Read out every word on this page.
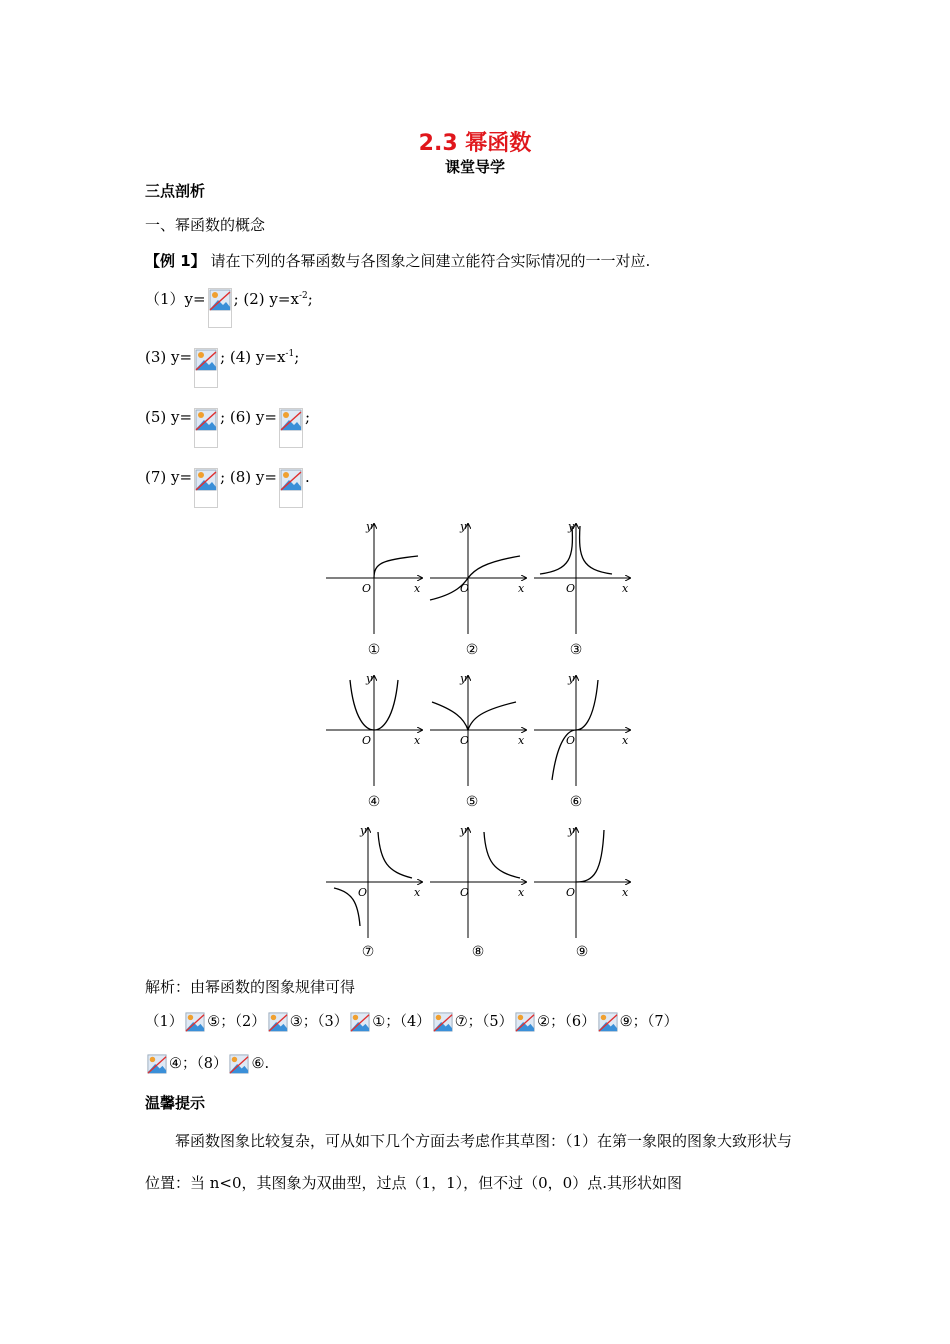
2.3 幂函数
课堂导学
三点剖析
一、幂函数的概念
【例 1】 请在下列的各幂函数与各图象之间建立能符合实际情况的一一对应.
（1）y= ; (2) $y=x^{-2}$;
(3) y= ; (4) $y=x^{-1}$;
(5) y= ; (6) y= ;
(7) y= ; (8) y= .
y
x
O
y
x
O
y
x
O
y
x
O
y
x
O
y
x
O
y
x
O
y
x
O
y
x
O
①	②	③
④	⑤	⑥
⑦	⑧	⑨
解析：由幂函数的图象规律可得
（1） ⑤；（2） ③；（3） ①；（4） ⑦；（5） ②；（6） ⑨；（7）
④；（8） ⑥.
温馨提示
幂函数图象比较复杂，可从如下几个方面去考虑作其草图：（1）在第一象限的图象大致形状与位置：当 n<0，其图象为双曲型，过点（1，1），但不过（0，0）点.其形状如图
